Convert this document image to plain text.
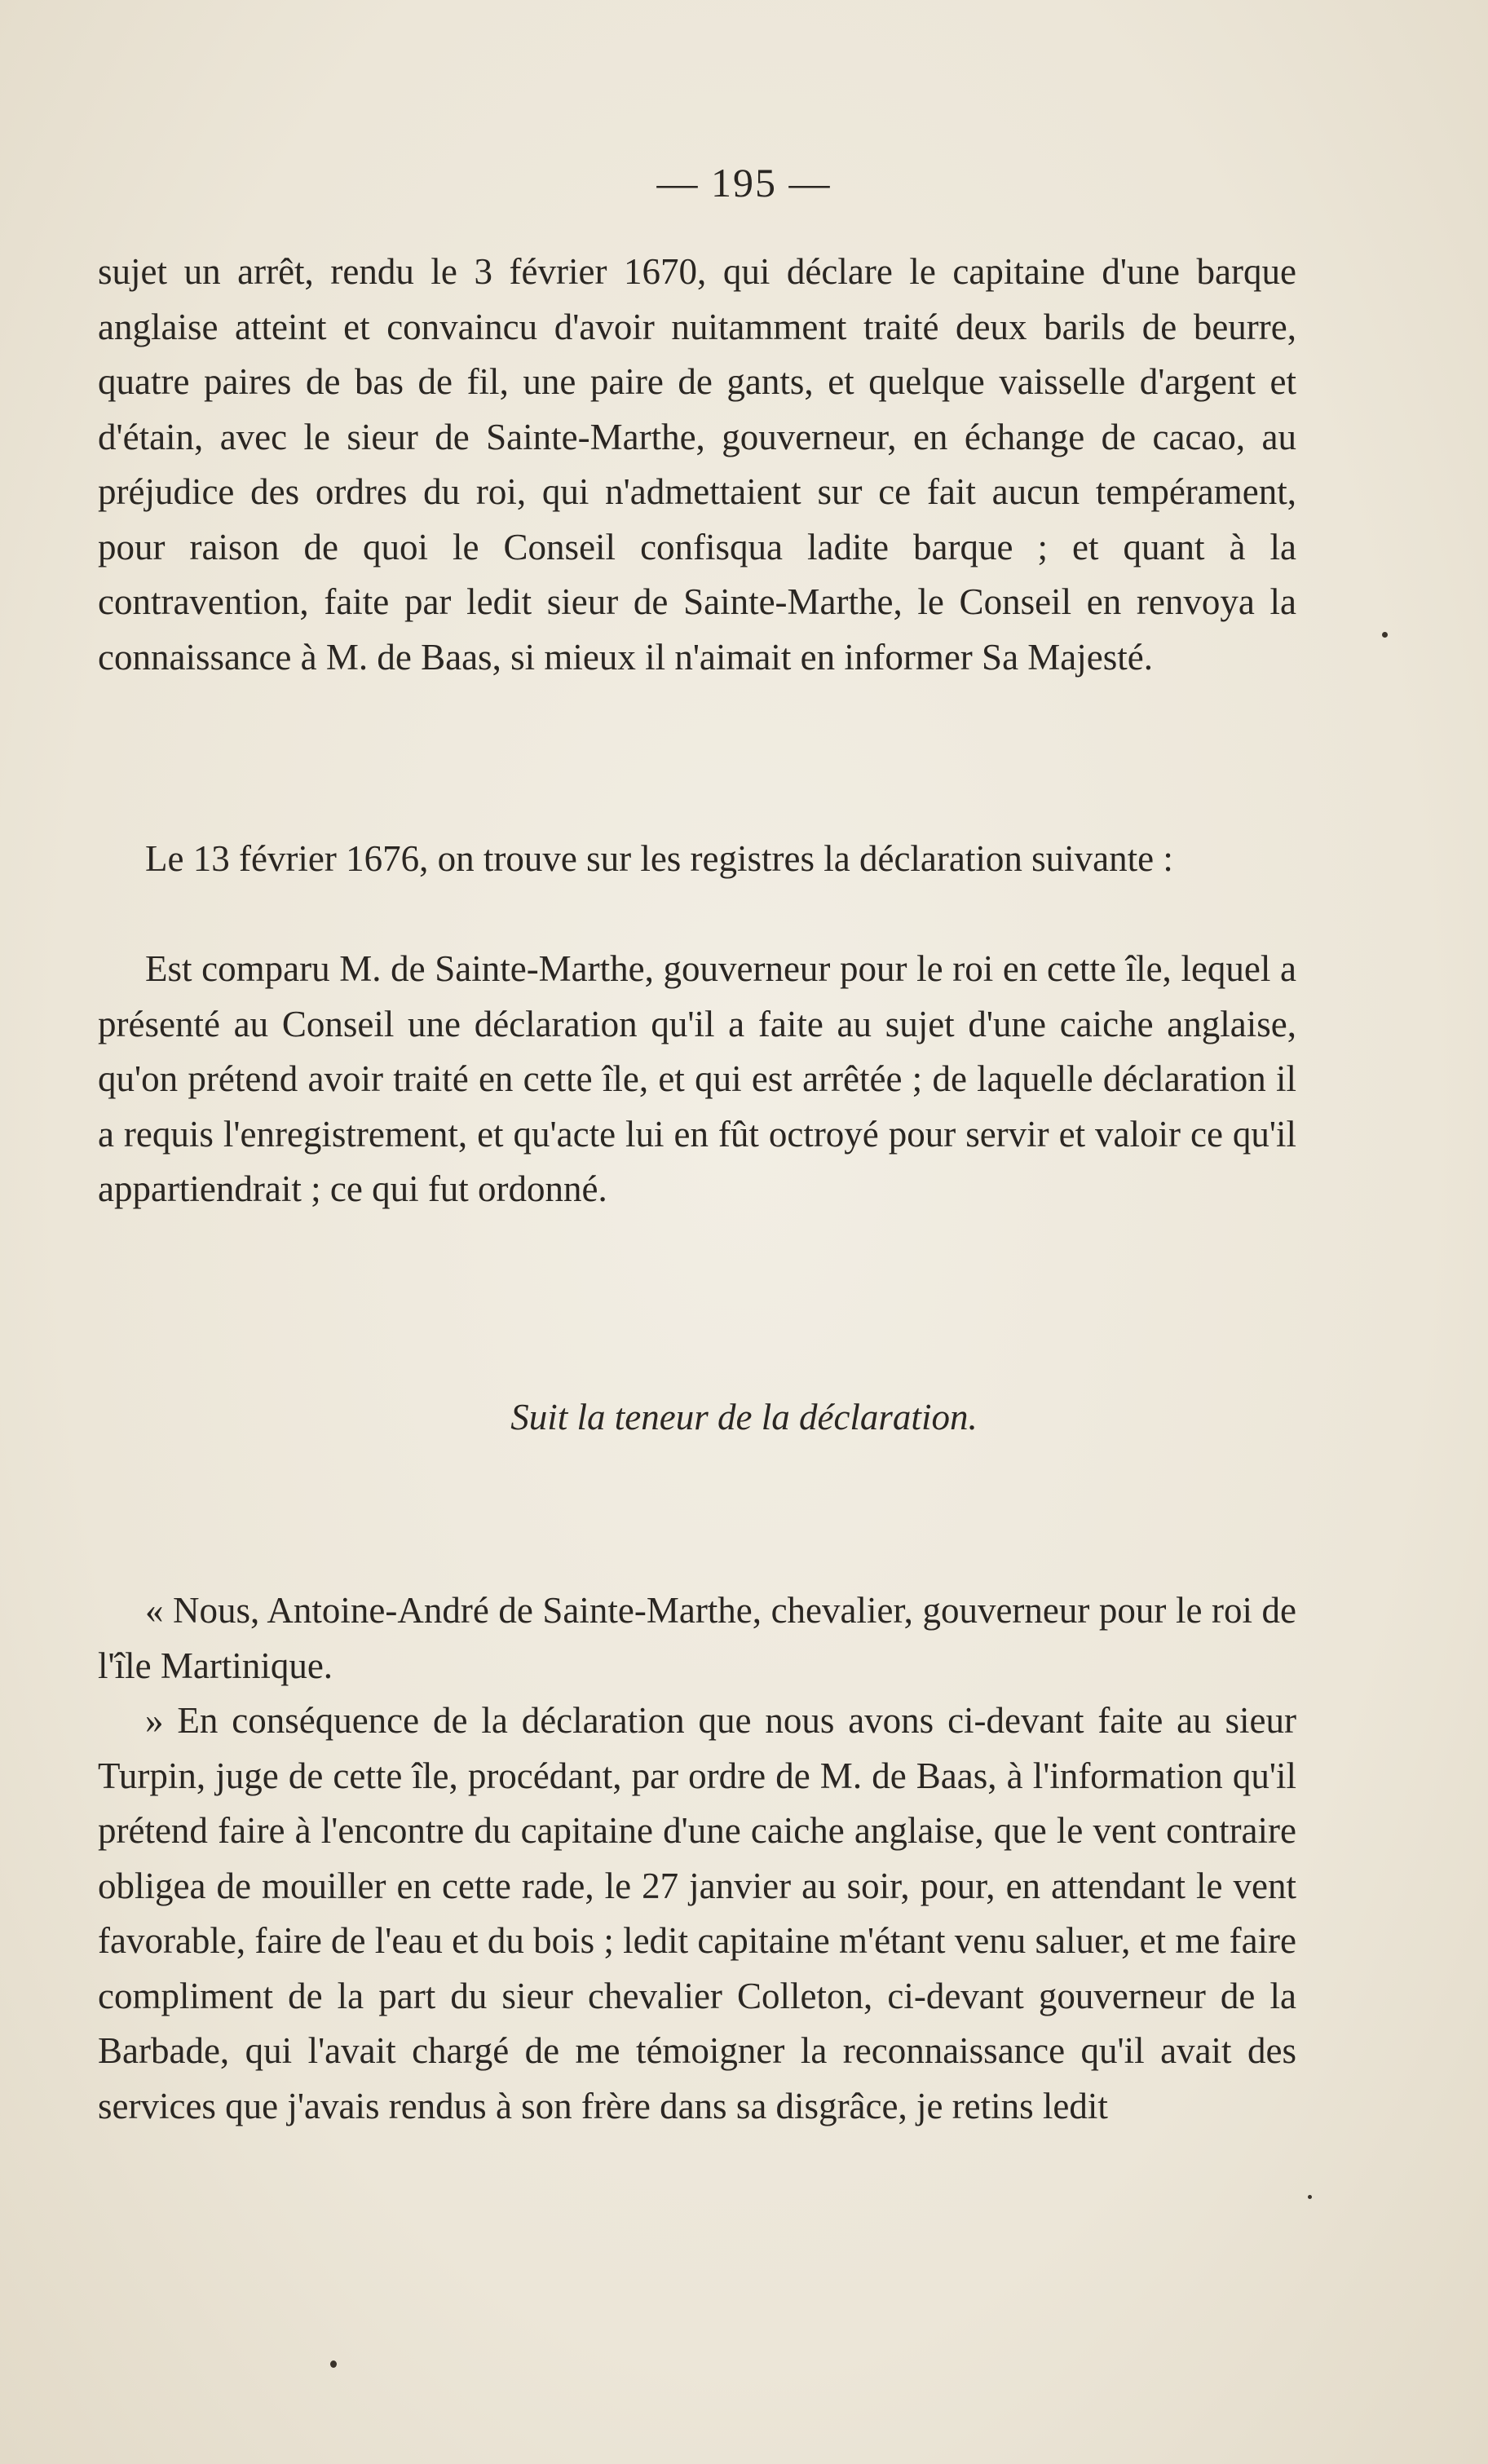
— 195 —

sujet un arrêt, rendu le 3 février 1670, qui déclare le capitaine d'une barque anglaise atteint et convaincu d'avoir nuitamment traité deux barils de beurre, quatre paires de bas de fil, une paire de gants, et quelque vaisselle d'argent et d'étain, avec le sieur de Sainte-Marthe, gouverneur, en échange de cacao, au préjudice des ordres du roi, qui n'admettaient sur ce fait aucun tempérament, pour raison de quoi le Conseil confisqua ladite barque ; et quant à la contravention, faite par ledit sieur de Sainte-Marthe, le Conseil en renvoya la connaissance à M. de Baas, si mieux il n'aimait en informer Sa Majesté.

Le 13 février 1676, on trouve sur les registres la déclaration suivante :

Est comparu M. de Sainte-Marthe, gouverneur pour le roi en cette île, lequel a présenté au Conseil une déclaration qu'il a faite au sujet d'une caiche anglaise, qu'on prétend avoir traité en cette île, et qui est arrêtée ; de laquelle déclaration il a requis l'enregistrement, et qu'acte lui en fût octroyé pour servir et valoir ce qu'il appartiendrait ; ce qui fut ordonné.

Suit la teneur de la déclaration.

« Nous, Antoine-André de Sainte-Marthe, chevalier, gouverneur pour le roi de l'île Martinique.

» En conséquence de la déclaration que nous avons ci-devant faite au sieur Turpin, juge de cette île, procédant, par ordre de M. de Baas, à l'information qu'il prétend faire à l'encontre du capitaine d'une caiche anglaise, que le vent contraire obligea de mouiller en cette rade, le 27 janvier au soir, pour, en attendant le vent favorable, faire de l'eau et du bois ; ledit capitaine m'étant venu saluer, et me faire compliment de la part du sieur chevalier Colleton, ci-devant gouverneur de la Barbade, qui l'avait chargé de me témoigner la reconnaissance qu'il avait des services que j'avais rendus à son frère dans sa disgrâce, je retins ledit
